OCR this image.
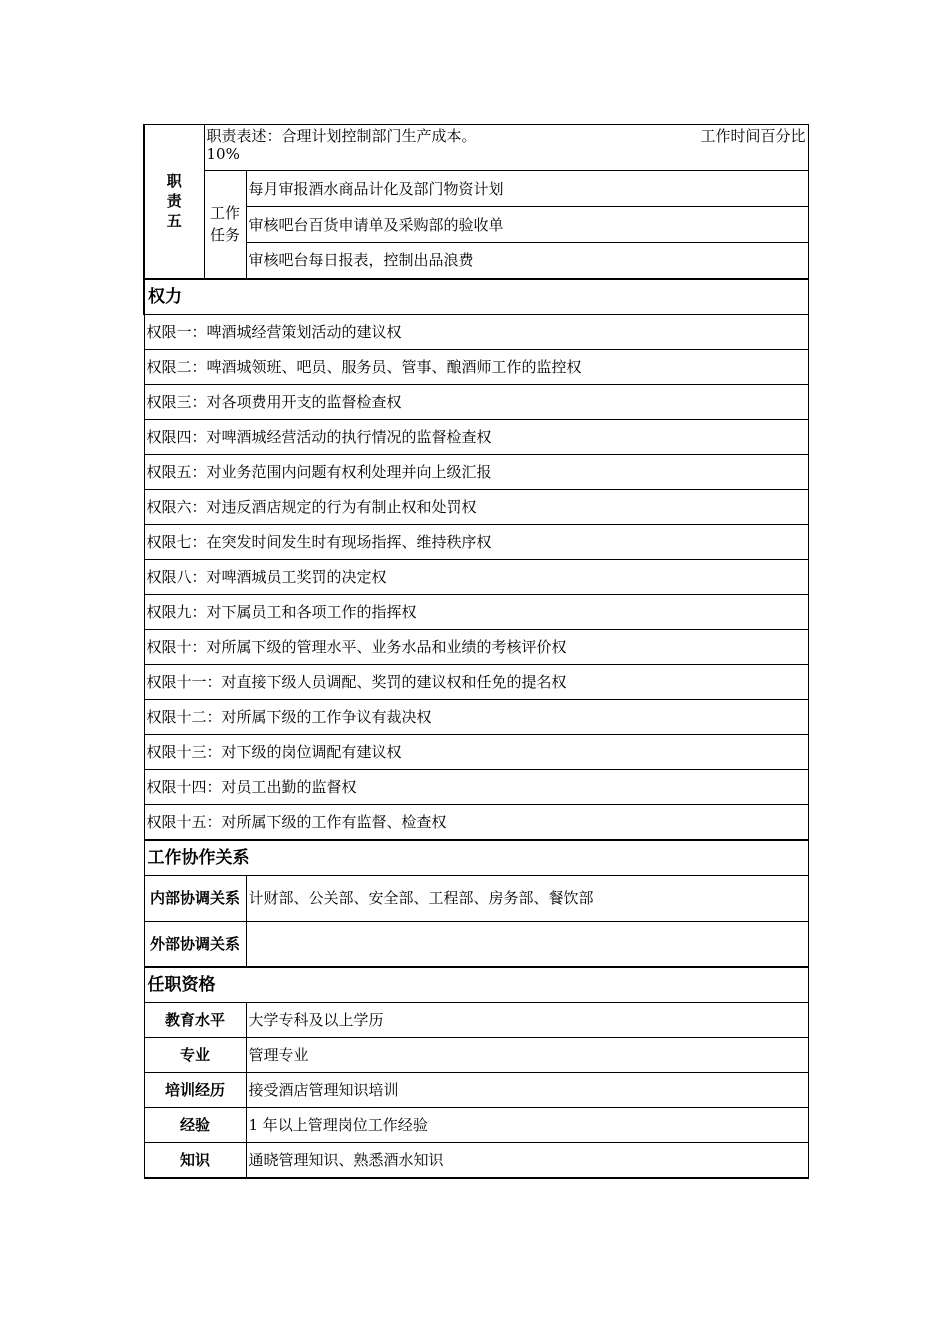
职责五	职责表述：合理计划控制部门生产成本。 工作时间百分比
10%	

	工作任务	每月审报酒水商品计化及部门物资计划
		审核吧台百货申请单及采购部的验收单
		审核吧台每日报表，控制出品浪费
权力		
权限一：啤酒城经营策划活动的建议权		
权限二：啤酒城领班、吧员、服务员、管事、酿酒师工作的监控权		
权限三：对各项费用开支的监督检查权		
权限四：对啤酒城经营活动的执行情况的监督检查权		
权限五：对业务范围内问题有权利处理并向上级汇报		
权限六：对违反酒店规定的行为有制止权和处罚权		
权限七：在突发时间发生时有现场指挥、维持秩序权		
权限八：对啤酒城员工奖罚的决定权		
权限九：对下属员工和各项工作的指挥权		
权限十：对所属下级的管理水平、业务水品和业绩的考核评价权		
权限十一：对直接下级人员调配、奖罚的建议权和任免的提名权		
权限十二：对所属下级的工作争议有裁决权		
权限十三：对下级的岗位调配有建议权		
权限十四：对员工出勤的监督权		
权限十五：对所属下级的工作有监督、检查权		
工作协作关系		

内部协调关系		计财部、公关部、安全部、工程部、房务部、餐饮部

外部协调关系		

任职资格		
教育水平		大学专科及以上学历
专业		管理专业
培训经历		接受酒店管理知识培训
经验		1 年以上管理岗位工作经验
知识		通晓管理知识、熟悉酒水知识
